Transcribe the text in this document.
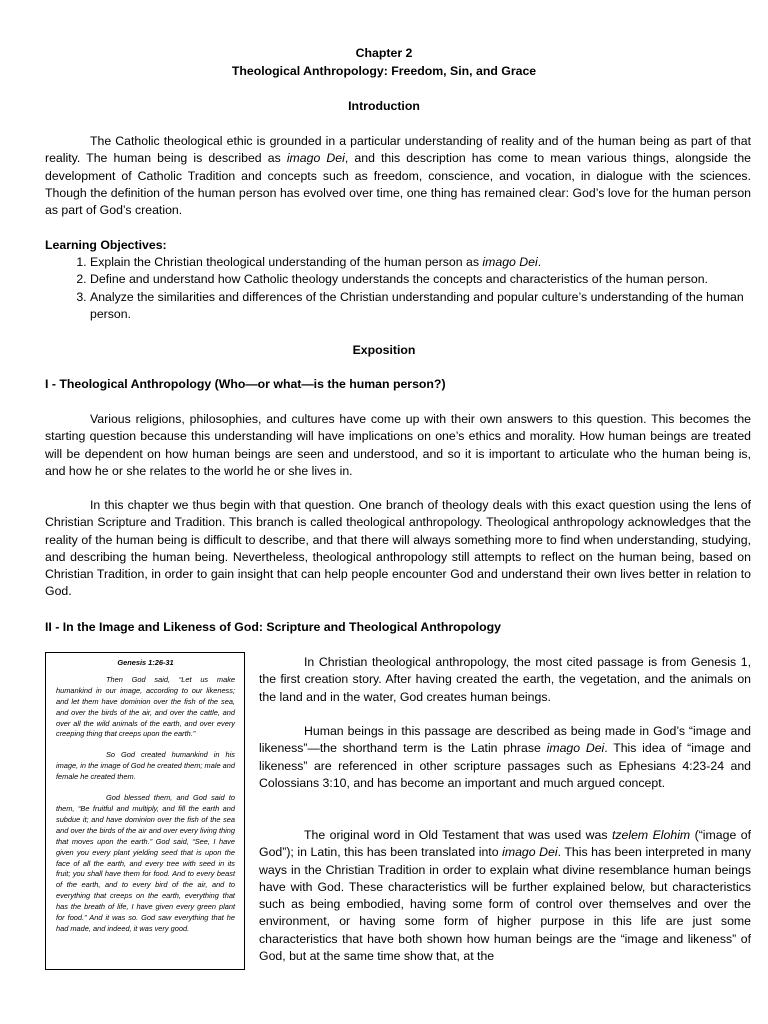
Chapter 2
Theological Anthropology: Freedom, Sin, and Grace
Introduction

The Catholic theological ethic is grounded in a particular understanding of reality and of the human being as part of that reality. The human being is described as imago Dei, and this description has come to mean various things, alongside the development of Catholic Tradition and concepts such as freedom, conscience, and vocation, in dialogue with the sciences. Though the definition of the human person has evolved over time, one thing has remained clear: God’s love for the human person as part of God’s creation.

Learning Objectives:
1. Explain the Christian theological understanding of the human person as imago Dei.
2. Define and understand how Catholic theology understands the concepts and characteristics of the human person.
3. Analyze the similarities and differences of the Christian understanding and popular culture’s understanding of the human person.
Exposition
I - Theological Anthropology (Who—or what—is the human person?)

Various religions, philosophies, and cultures have come up with their own answers to this question. This becomes the starting question because this understanding will have implications on one’s ethics and morality. How human beings are treated will be dependent on how human beings are seen and understood, and so it is important to articulate who the human being is, and how he or she relates to the world he or she lives in.

In this chapter we thus begin with that question. One branch of theology deals with this exact question using the lens of Christian Scripture and Tradition. This branch is called theological anthropology. Theological anthropology acknowledges that the reality of the human being is difficult to describe, and that there will always something more to find when understanding, studying, and describing the human being. Nevertheless, theological anthropology still attempts to reflect on the human being, based on Christian Tradition, in order to gain insight that can help people encounter God and understand their own lives better in relation to God.

II - In the Image and Likeness of God: Scripture and Theological Anthropology
Genesis 1:26-31

Then God said, “Let us make humankind in our image, according to our likeness; and let them have dominion over the fish of the sea, and over the birds of the air, and over the cattle, and over all the wild animals of the earth, and over every creeping thing that creeps upon the earth.”

So God created humankind in his image, in the image of God he created them; male and female he created them.

God blessed them, and God said to them, “Be fruitful and multiply, and fill the earth and subdue it; and have dominion over the fish of the sea and over the birds of the air and over every living thing that moves upon the earth.” God said, “See, I have given you every plant yielding seed that is upon the face of all the earth, and every tree with seed in its fruit; you shall have them for food. And to every beast of the earth, and to every bird of the air, and to everything that creeps on the earth, everything that has the breath of life, I have given every green plant for food.” And it was so. God saw everything that he had made, and indeed, it was very good.

In Christian theological anthropology, the most cited passage is from Genesis 1, the first creation story. After having created the earth, the vegetation, and the animals on the land and in the water, God creates human beings.

Human beings in this passage are described as being made in God’s “image and likeness”—the shorthand term is the Latin phrase imago Dei. This idea of “image and likeness” are referenced in other scripture passages such as Ephesians 4:23-24 and Colossians 3:10, and has become an important and much argued concept.

The original word in Old Testament that was used was tzelem Elohim (“image of God”); in Latin, this has been translated into imago Dei. This has been interpreted in many ways in the Christian Tradition in order to explain what divine resemblance human beings have with God. These characteristics will be further explained below, but characteristics such as being embodied, having some form of control over themselves and over the environment, or having some form of higher purpose in this life are just some characteristics that have both shown how human beings are the “image and likeness” of God, but at the same time show that, at the
